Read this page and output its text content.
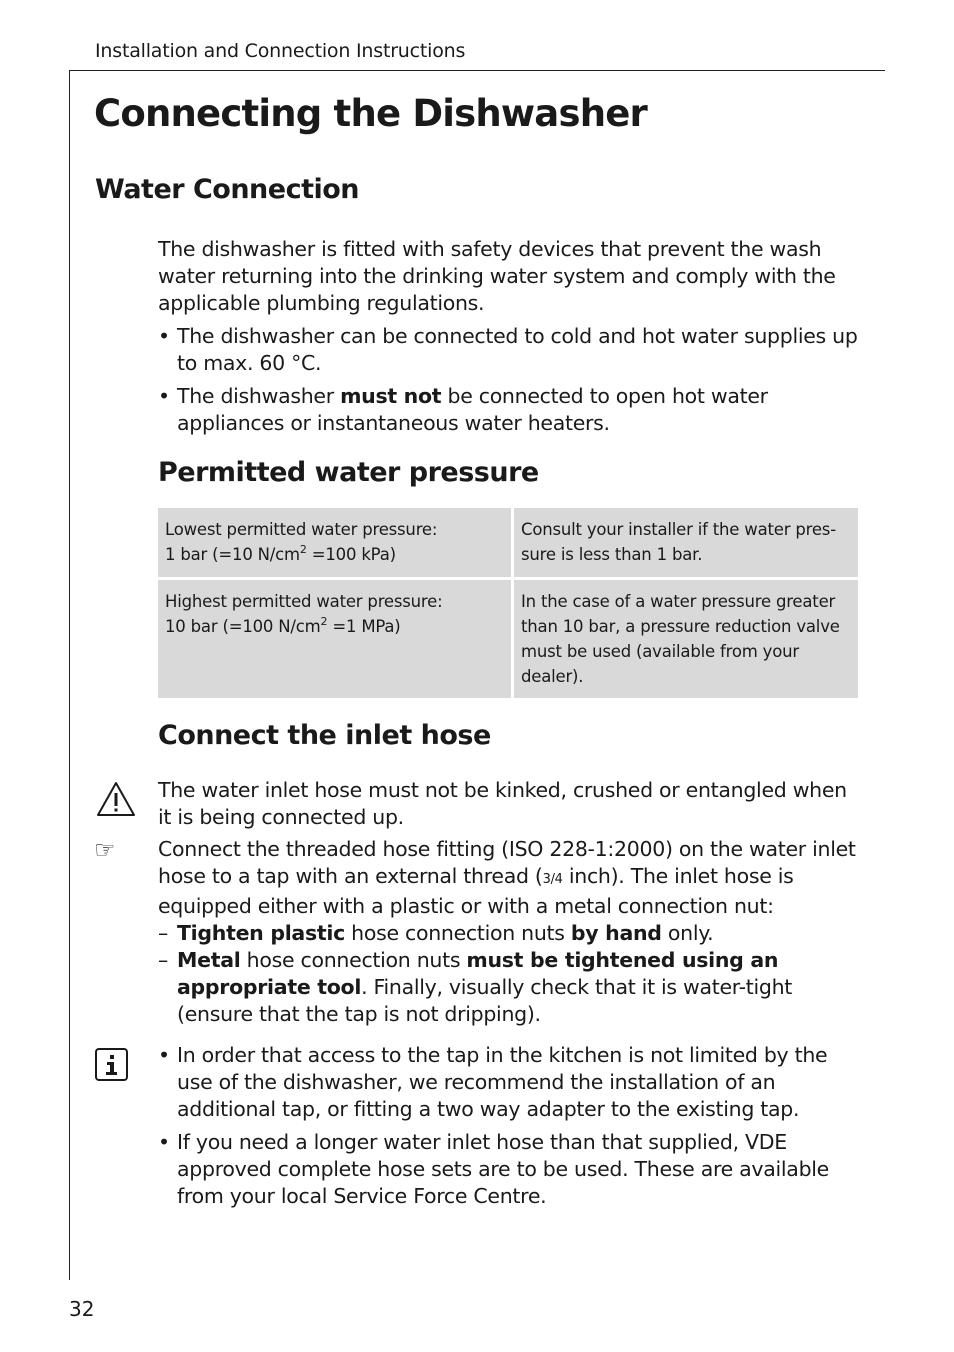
Installation and Connection Instructions
Connecting the Dishwasher
Water Connection

The dishwasher is fitted with safety devices that prevent the wash water returning into the drinking water system and comply with the applicable plumbing regulations.

• The dishwasher can be connected to cold and hot water supplies up to max. 60 °C.
• The dishwasher must not be connected to open hot water appliances or instantaneous water heaters.
Permitted water pressure
Lowest permitted water pressure:
1 bar (=10 $N/cm^2 =100$ kPa)	Consult your installer if the water pres-sure is less than 1 bar.

Highest permitted water pressure:
10 bar (=100 $N/cm^2 =1$ MPa)	In the case of a water pressure greater than 10 bar, a pressure reduction valve must be used (available from your dealer).
Connect the inlet hose

The water inlet hose must not be kinked, crushed or entangled when it is being connected up.

☞ Connect the threaded hose fitting (ISO 228-1:2000) on the water inlet hose to a tap with an external thread (3/4 inch). The inlet hose is equipped either with a plastic or with a metal connection nut:

– Tighten plastic hose connection nuts by hand only.
– Metal hose connection nuts must be tightened using an appropriate tool. Finally, visually check that it is water-tight (ensure that the tap is not dripping).
• In order that access to the tap in the kitchen is not limited by the use of the dishwasher, we recommend the installation of an additional tap, or fitting a two way adapter to the existing tap.
• If you need a longer water inlet hose than that supplied, VDE approved complete hose sets are to be used. These are available from your local Service Force Centre.
32
